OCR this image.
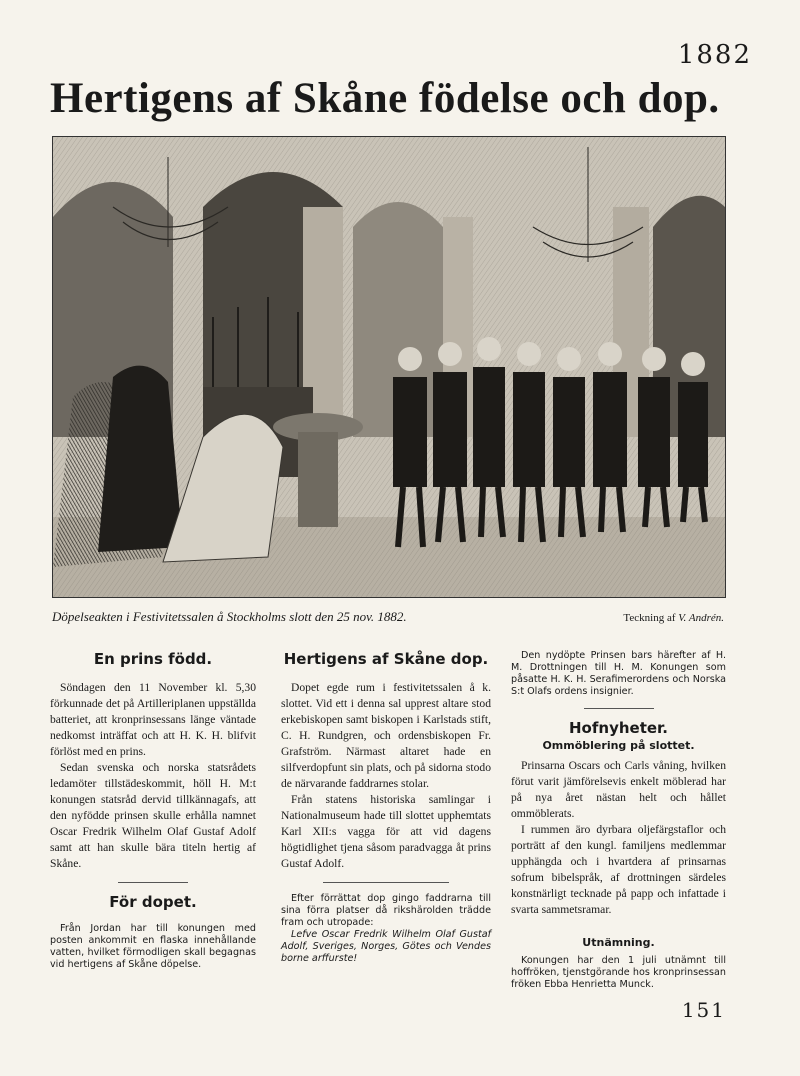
1882
Hertigens af Skåne födelse och dop.
Döpelseakten i Festivitetssalen å Stockholms slott den 25 nov. 1882.	Teckning af V. Andrén.
En prins född.

Söndagen den 11 November kl. 5,30 förkunnade det på Artilleriplanen uppställda batteriet, att kronprinsessans länge väntade nedkomst inträffat och att H. K. H. blifvit förlöst med en prins.

Sedan svenska och norska statsrådets ledamöter tillstädeskommit, höll H. M:t konungen statsråd dervid tillkännagafs, att den nyfödde prinsen skulle erhålla namnet Oscar Fredrik Wilhelm Olaf Gustaf Adolf samt att han skulle bära titeln hertig af Skåne.

För dopet.

Från Jordan har till konungen med posten ankommit en flaska innehållande vatten, hvilket förmodligen skall begagnas vid hertigens af Skåne döpelse.

Hertigens af Skåne dop.

Dopet egde rum i festivitetssalen å k. slottet. Vid ett i denna sal upprest altare stod erkebiskopen samt biskopen i Karlstads stift, C. H. Rundgren, och ordensbiskopen Fr. Grafström. Närmast altaret hade en silfverdopfunt sin plats, och på sidorna stodo de närvarande faddrarnes stolar.

Från statens historiska samlingar i Nationalmuseum hade till slottet upphemtats Karl XII:s vagga för att vid dagens högtidlighet tjena såsom paradvagga åt prins Gustaf Adolf.

Efter förrättat dop gingo faddrarna till sina förra platser då rikshärolden trädde fram och utropade:

Lefve Oscar Fredrik Wilhelm Olaf Gustaf Adolf, Sveriges, Norges, Götes och Vendes borne arffurste!

Den nydöpte Prinsen bars härefter af H. M. Drottningen till H. M. Konungen som påsatte H. K. H. Serafimerordens och Norska S:t Olafs ordens insignier.

Hofnyheter.
Ommöblering på slottet.

Prinsarna Oscars och Carls våning, hvilken förut varit jämförelsevis enkelt möblerad har på nya året nästan helt och hållet ommöblerats.

I rummen äro dyrbara oljefärgstaflor och porträtt af den kungl. familjens medlemmar upphängda och i hvartdera af prinsarnas sofrum bibelspråk, af drottningen särdeles konstnärligt tecknade på papp och infattade i svarta sammetsramar.

Utnämning.

Konungen har den 1 juli utnämnt till hoffröken, tjenstgörande hos kronprinsessan fröken Ebba Henrietta Munck.

151
